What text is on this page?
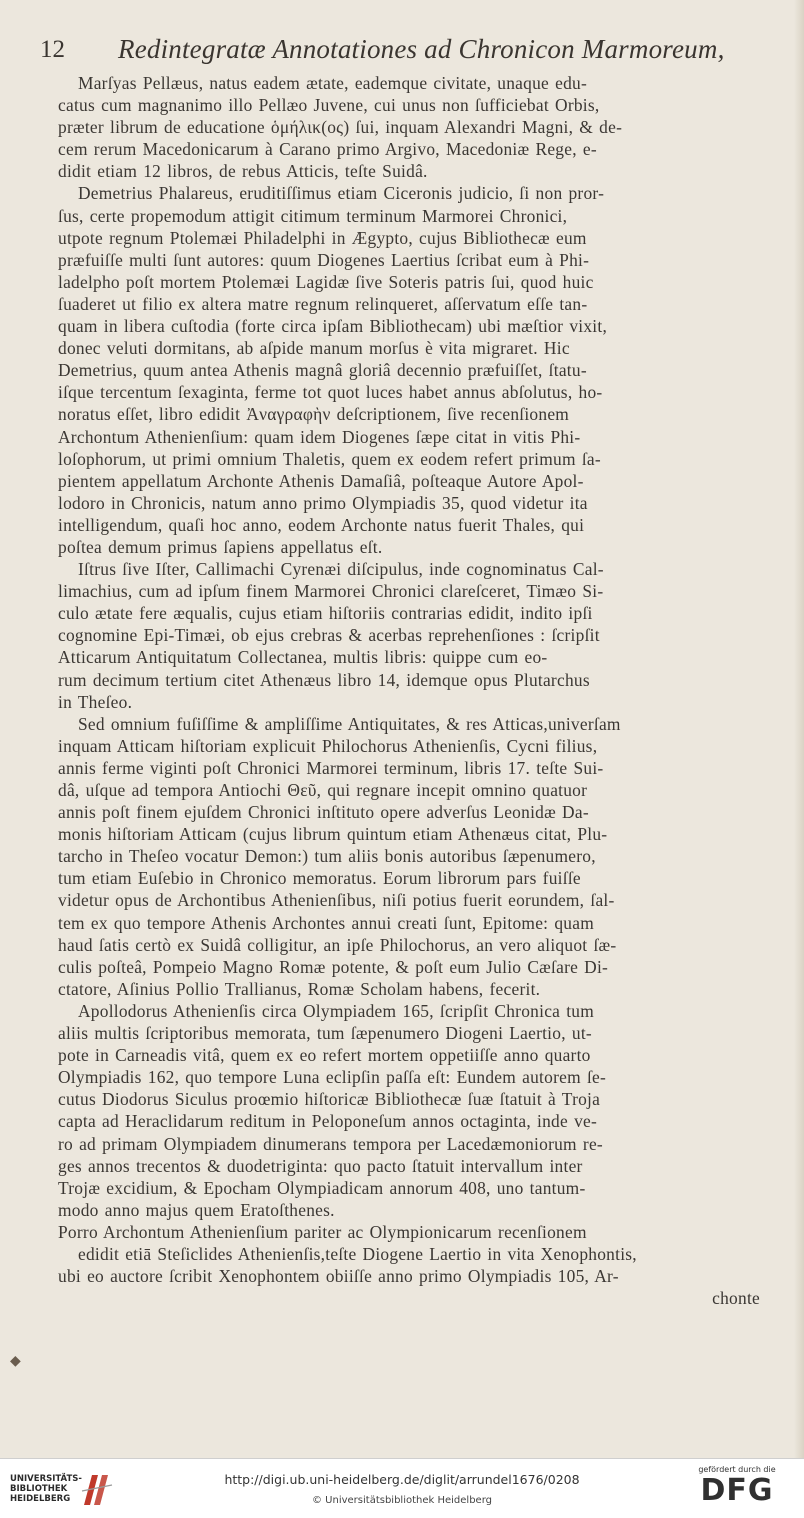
12 Redintegratæ Annotationes ad Chronicon Marmoreum,
Marſyas Pellæus, natus eadem ætate, eademque civitate, unaque edu-
catus cum magnanimo illo Pellæo Juvene, cui unus non ſufficiebat Orbis,
præter librum de educatione ὁμήλικ(ος) ſui, inquam Alexandri Magni, & de-
cem rerum Macedonicarum à Carano primo Argivo, Macedoniæ Rege, e-
didit etiam 12 libros, de rebus Atticis, teſte Suidâ.
Demetrius Phalareus, eruditiſſimus etiam Ciceronis judicio, ſi non pror-
ſus, certe propemodum attigit citimum terminum Marmorei Chronici,
utpote regnum Ptolemæi Philadelphi in Ægypto, cujus Bibliothecæ eum
præfuiſſe multi ſunt autores: quum Diogenes Laertius ſcribat eum à Phi-
ladelpho poſt mortem Ptolemæi Lagidæ ſive Soteris patris ſui, quod huic
ſuaderet ut filio ex altera matre regnum relinqueret, aſſervatum eſſe tan-
quam in libera cuſtodia (forte circa ipſam Bibliothecam) ubi mæſtior vixit,
donec veluti dormitans, ab aſpide manum morſus è vita migraret. Hic
Demetrius, quum antea Athenis magnâ gloriâ decennio præfuiſſet, ſtatu-
iſque tercentum ſexaginta, ferme tot quot luces habet annus abſolutus, ho-
noratus eſſet, libro edidit Ἀναγραφὴν deſcriptionem, ſive recenſionem
Archontum Athenienſium: quam idem Diogenes ſæpe citat in vitis Phi-
loſophorum, ut primi omnium Thaletis, quem ex eodem refert primum ſa-
pientem appellatum Archonte Athenis Damaſiâ, poſteaque Autore Apol-
lodoro in Chronicis, natum anno primo Olympiadis 35, quod videtur ita
intelligendum, quaſi hoc anno, eodem Archonte natus fuerit Thales, qui
poſtea demum primus ſapiens appellatus eſt.
Iſtrus ſive Iſter, Callimachi Cyrenæi diſcipulus, inde cognominatus Cal-
limachius, cum ad ipſum finem Marmorei Chronici clareſceret, Timæo Si-
culo ætate fere æqualis, cujus etiam hiſtoriis contrarias edidit, indito ipſi
cognomine Epi-Timæi, ob ejus crebras & acerbas reprehenſiones : ſcripſit
Atticarum Antiquitatum Collectanea, multis libris: quippe cum eo-
rum decimum tertium citet Athenæus libro 14, idemque opus Plutarchus
in Theſeo.
Sed omnium fuſiſſime & ampliſſime Antiquitates, & res Atticas,univerſam
inquam Atticam hiſtoriam explicuit Philochorus Athenienſis, Cycni filius,
annis ferme viginti poſt Chronici Marmorei terminum, libris 17. teſte Sui-
dâ, uſque ad tempora Antiochi Θεῦ, qui regnare incepit omnino quatuor
annis poſt finem ejuſdem Chronici inſtituto opere adverſus Leonidæ Da-
monis hiſtoriam Atticam (cujus librum quintum etiam Athenæus citat, Plu-
tarcho in Theſeo vocatur Demon:) tum aliis bonis autoribus ſæpenumero,
tum etiam Euſebio in Chronico memoratus. Eorum librorum pars fuiſſe
videtur opus de Archontibus Athenienſibus, niſi potius fuerit eorundem, ſal-
tem ex quo tempore Athenis Archontes annui creati ſunt, Epitome: quam
haud ſatis certò ex Suidâ colligitur, an ipſe Philochorus, an vero aliquot ſæ-
culis poſteâ, Pompeio Magno Romæ potente, & poſt eum Julio Cæſare Di-
ctatore, Aſinius Pollio Trallianus, Romæ Scholam habens, fecerit.
Apollodorus Athenienſis circa Olympiadem 165, ſcripſit Chronica tum
aliis multis ſcriptoribus memorata, tum ſæpenumero Diogeni Laertio, ut-
pote in Carneadis vitâ, quem ex eo refert mortem oppetiiſſe anno quarto
Olympiadis 162, quo tempore Luna eclipſin paſſa eſt: Eundem autorem ſe-
cutus Diodorus Siculus proœmio hiſtoricæ Bibliothecæ ſuæ ſtatuit à Troja
capta ad Heraclidarum reditum in Peloponeſum annos octaginta, inde ve-
ro ad primam Olympiadem dinumerans tempora per Lacedæmoniorum re-
ges annos trecentos & duodetriginta: quo pacto ſtatuit intervallum inter
Trojæ excidium, & Epocham Olympiadicam annorum 408, uno tantum-
modo anno majus quem Eratoſthenes.
Porro Archontum Athenienſium pariter ac Olympionicarum recenſionem
edidit etiā Steſiclides Athenienſis,teſte Diogene Laertio in vita Xenophontis,
ubi eo auctore ſcribit Xenophontem obiiſſe anno primo Olympiadis 105, Ar-
chonte
◆
UNIVERSITÄTS-
BIBLIOTHEK
HEIDELBERG
http://digi.ub.uni-heidelberg.de/diglit/arrundel1676/0208
© Universitätsbibliothek Heidelberg
gefördert durch die
DFG
